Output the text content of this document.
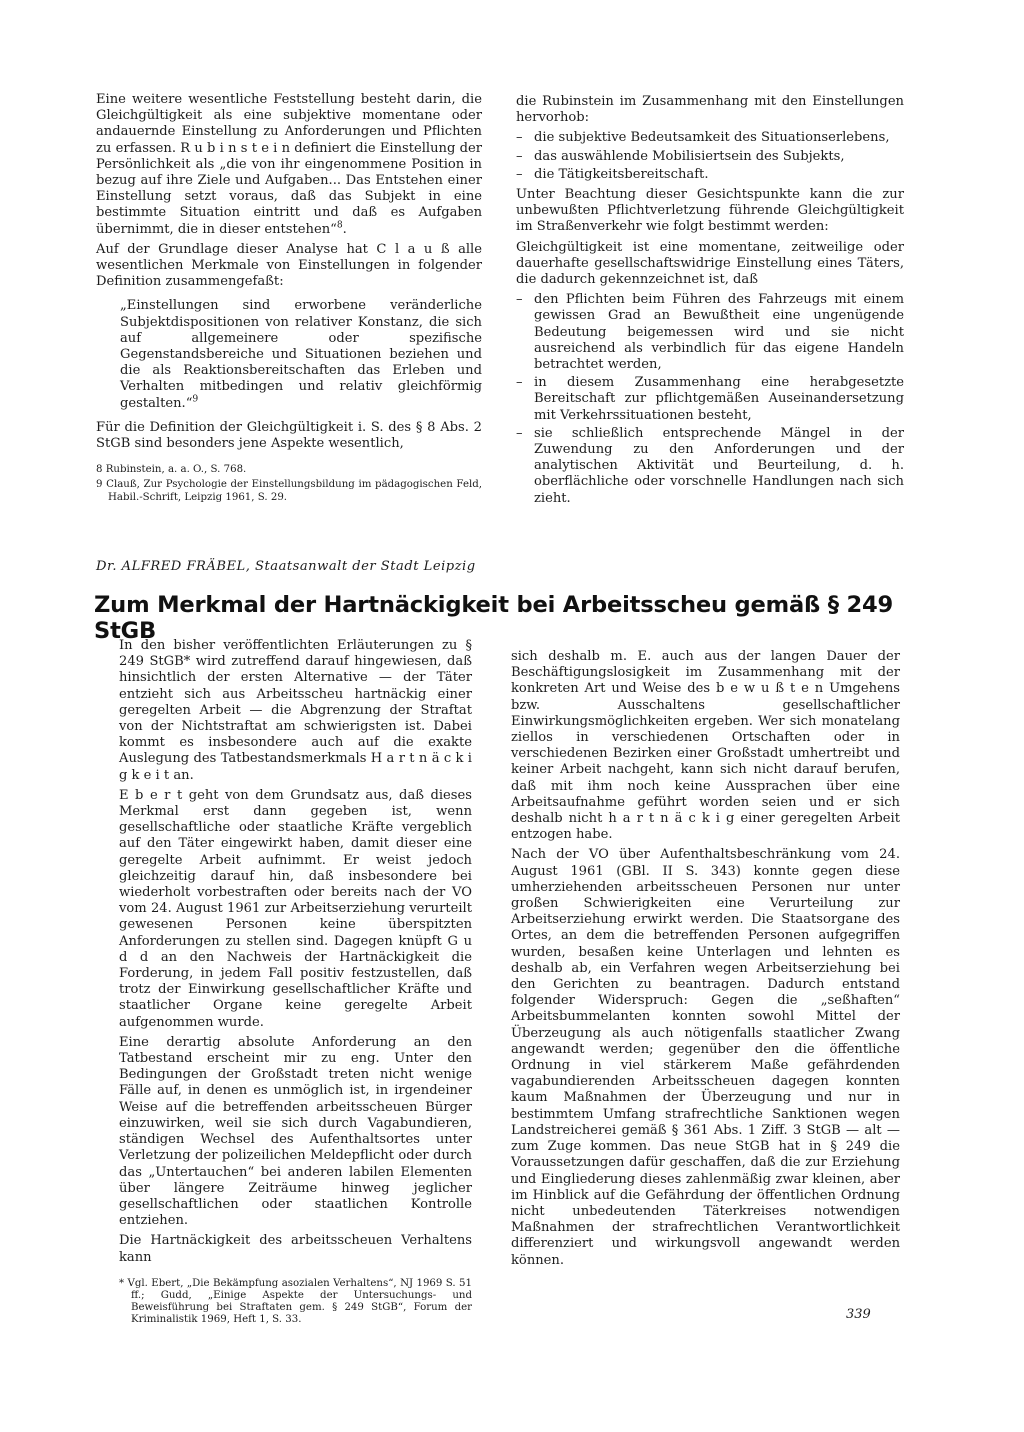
Eine weitere wesentliche Feststellung besteht darin, die Gleichgültigkeit als eine subjektive momentane oder andauernde Einstellung zu Anforderungen und Pflichten zu erfassen. R u b i n s t e i n definiert die Einstellung der Persönlichkeit als „die von ihr eingenommene Position in bezug auf ihre Ziele und Aufgaben... Das Entstehen einer Einstellung setzt voraus, daß das Subjekt in eine bestimmte Situation eintritt und daß es Aufgaben übernimmt, die in dieser entstehen“$^8$.

Auf der Grundlage dieser Analyse hat C l a u ß alle wesentlichen Merkmale von Einstellungen in folgender Definition zusammengefaßt:

„Einstellungen sind erworbene veränderliche Subjektdispositionen von relativer Konstanz, die sich auf allgemeinere oder spezifische Gegenstandsbereiche und Situationen beziehen und die als Reaktionsbereitschaften das Erleben und Verhalten mitbedingen und relativ gleichförmig gestalten.“$^9$

Für die Definition der Gleichgültigkeit i. S. des § 8 Abs. 2 StGB sind besonders jene Aspekte wesentlich,

8 Rubinstein, a. a. O., S. 768.

9 Clauß, Zur Psychologie der Einstellungsbildung im pädagogischen Feld, Habil.-Schrift, Leipzig 1961, S. 29.

die Rubinstein im Zusammenhang mit den Einstellungen hervorhob:

– die subjektive Bedeutsamkeit des Situationserlebens,
– das auswählende Mobilisiertsein des Subjekts,
– die Tätigkeitsbereitschaft.

Unter Beachtung dieser Gesichtspunkte kann die zur unbewußten Pflichtverletzung führende Gleichgültigkeit im Straßenverkehr wie folgt bestimmt werden:

Gleichgültigkeit ist eine momentane, zeitweilige oder dauerhafte gesellschaftswidrige Einstellung eines Täters, die dadurch gekennzeichnet ist, daß

– den Pflichten beim Führen des Fahrzeugs mit einem gewissen Grad an Bewußtheit eine ungenügende Bedeutung beigemessen wird und sie nicht ausreichend als verbindlich für das eigene Handeln betrachtet werden,
– in diesem Zusammenhang eine herabgesetzte Bereitschaft zur pflichtgemäßen Auseinandersetzung mit Verkehrssituationen besteht,
– sie schließlich entsprechende Mängel in der Zuwendung zu den Anforderungen und der analytischen Aktivität und Beurteilung, d. h. oberflächliche oder vorschnelle Handlungen nach sich zieht.
Dr. ALFRED FRÄBEL, Staatsanwalt der Stadt Leipzig
Zum Merkmal der Hartnäckigkeit bei Arbeitsscheu gemäß § 249 StGB

In den bisher veröffentlichten Erläuterungen zu § 249 StGB* wird zutreffend darauf hingewiesen, daß hinsichtlich der ersten Alternative — der Täter entzieht sich aus Arbeitsscheu hartnäckig einer geregelten Arbeit — die Abgrenzung der Straftat von der Nichtstraftat am schwierigsten ist. Dabei kommt es insbesondere auch auf die exakte Auslegung des Tatbestandsmerkmals H a r t n ä c k i g k e i t an.

E b e r t geht von dem Grundsatz aus, daß dieses Merkmal erst dann gegeben ist, wenn gesellschaftliche oder staatliche Kräfte vergeblich auf den Täter eingewirkt haben, damit dieser eine geregelte Arbeit aufnimmt. Er weist jedoch gleichzeitig darauf hin, daß insbesondere bei wiederholt vorbestraften oder bereits nach der VO vom 24. August 1961 zur Arbeitserziehung verurteilt gewesenen Personen keine überspitzten Anforderungen zu stellen sind. Dagegen knüpft G u d d an den Nachweis der Hartnäckigkeit die Forderung, in jedem Fall positiv festzustellen, daß trotz der Einwirkung gesellschaftlicher Kräfte und staatlicher Organe keine geregelte Arbeit aufgenommen wurde.

Eine derartig absolute Anforderung an den Tatbestand erscheint mir zu eng. Unter den Bedingungen der Großstadt treten nicht wenige Fälle auf, in denen es unmöglich ist, in irgendeiner Weise auf die betreffenden arbeitsscheuen Bürger einzuwirken, weil sie sich durch Vagabundieren, ständigen Wechsel des Aufenthaltsortes unter Verletzung der polizeilichen Meldepflicht oder durch das „Untertauchen“ bei anderen labilen Elementen über längere Zeiträume hinweg jeglicher gesellschaftlichen oder staatlichen Kontrolle entziehen.

Die Hartnäckigkeit des arbeitsscheuen Verhaltens kann

* Vgl. Ebert, „Die Bekämpfung asozialen Verhaltens“, NJ 1969 S. 51 ff.; Gudd, „Einige Aspekte der Untersuchungs- und Beweisführung bei Straftaten gem. § 249 StGB“, Forum der Kriminalistik 1969, Heft 1, S. 33.

sich deshalb m. E. auch aus der langen Dauer der Beschäftigungslosigkeit im Zusammenhang mit der konkreten Art und Weise des b e w u ß t e n Umgehens bzw. Ausschaltens gesellschaftlicher Einwirkungsmöglichkeiten ergeben. Wer sich monatelang ziellos in verschiedenen Ortschaften oder in verschiedenen Bezirken einer Großstadt umhertreibt und keiner Arbeit nachgeht, kann sich nicht darauf berufen, daß mit ihm noch keine Aussprachen über eine Arbeitsaufnahme geführt worden seien und er sich deshalb nicht h a r t n ä c k i g einer geregelten Arbeit entzogen habe.

Nach der VO über Aufenthaltsbeschränkung vom 24. August 1961 (GBl. II S. 343) konnte gegen diese umherziehenden arbeitsscheuen Personen nur unter großen Schwierigkeiten eine Verurteilung zur Arbeitserziehung erwirkt werden. Die Staatsorgane des Ortes, an dem die betreffenden Personen aufgegriffen wurden, besaßen keine Unterlagen und lehnten es deshalb ab, ein Verfahren wegen Arbeitserziehung bei den Gerichten zu beantragen. Dadurch entstand folgender Widerspruch: Gegen die „seßhaften“ Arbeitsbummelanten konnten sowohl Mittel der Überzeugung als auch nötigenfalls staatlicher Zwang angewandt werden; gegenüber den die öffentliche Ordnung in viel stärkerem Maße gefährdenden vagabundierenden Arbeitsscheuen dagegen konnten kaum Maßnahmen der Überzeugung und nur in bestimmtem Umfang strafrechtliche Sanktionen wegen Landstreicherei gemäß § 361 Abs. 1 Ziff. 3 StGB — alt — zum Zuge kommen. Das neue StGB hat in § 249 die Voraussetzungen dafür geschaffen, daß die zur Erziehung und Eingliederung dieses zahlenmäßig zwar kleinen, aber im Hinblick auf die Gefährdung der öffentlichen Ordnung nicht unbedeutenden Täterkreises notwendigen Maßnahmen der strafrechtlichen Verantwortlichkeit differenziert und wirkungsvoll angewandt werden können.

339
